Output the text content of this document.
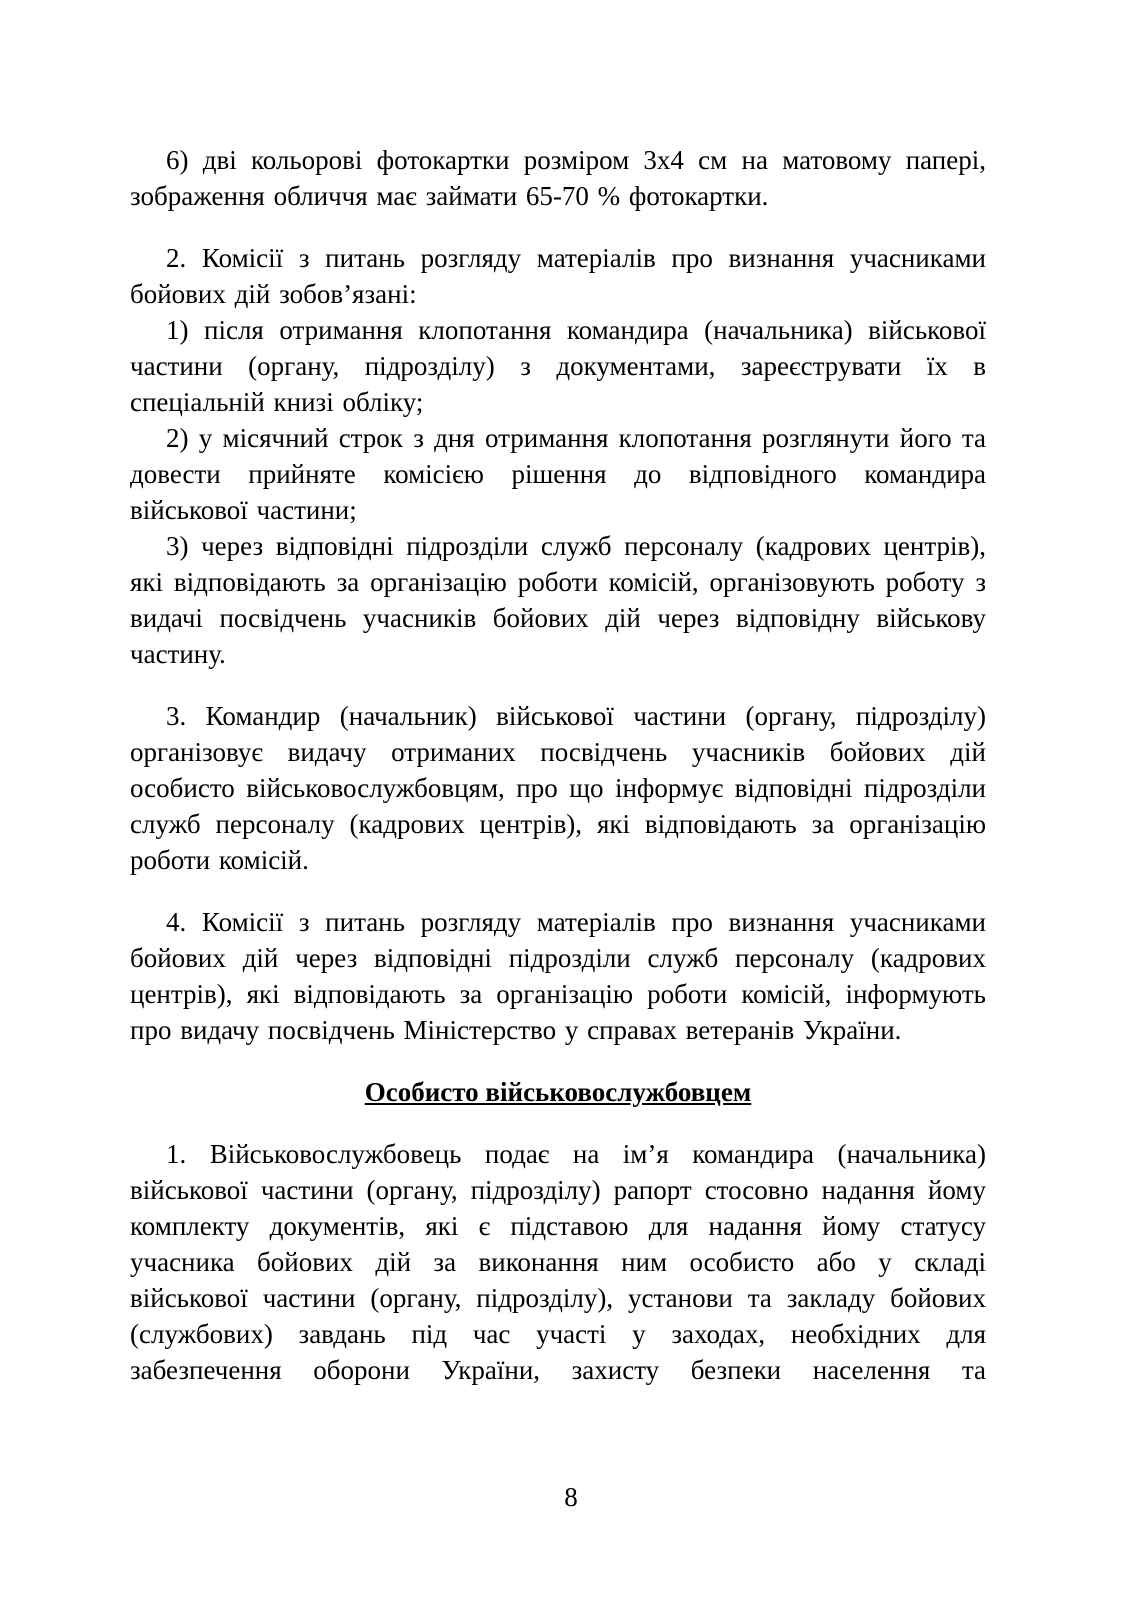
6) дві кольорові фотокартки розміром 3х4 см на матовому папері, зображення обличчя має займати 65-70 % фотокартки.

2. Комісії з питань розгляду матеріалів про визнання учасниками бойових дій зобов’язані:

1) після отримання клопотання командира (начальника) військової частини (органу, підрозділу) з документами, зареєструвати їх в спеціальній книзі обліку;

2) у місячний строк з дня отримання клопотання розглянути його та довести прийняте комісією рішення до відповідного командира військової частини;

3) через відповідні підрозділи служб персоналу (кадрових центрів), які відповідають за організацію роботи комісій, організовують роботу з видачі посвідчень учасників бойових дій через відповідну військову частину.

3. Командир (начальник) військової частини (органу, підрозділу) організовує видачу отриманих посвідчень учасників бойових дій особисто військовослужбовцям, про що інформує відповідні підрозділи служб персоналу (кадрових центрів), які відповідають за організацію роботи комісій.

4. Комісії з питань розгляду матеріалів про визнання учасниками бойових дій через відповідні підрозділи служб персоналу (кадрових центрів), які відповідають за організацію роботи комісій, інформують про видачу посвідчень Міністерство у справах ветеранів України.

Особисто військовослужбовцем

1. Військовослужбовець подає на ім’я командира (начальника) військової частини (органу, підрозділу) рапорт стосовно надання йому комплекту документів, які є підставою для надання йому статусу учасника бойових дій за виконання ним особисто або у складі військової частини (органу, підрозділу), установи та закладу бойових (службових) завдань під час участі у заходах, необхідних для забезпечення оборони України, захисту безпеки населення та

8
